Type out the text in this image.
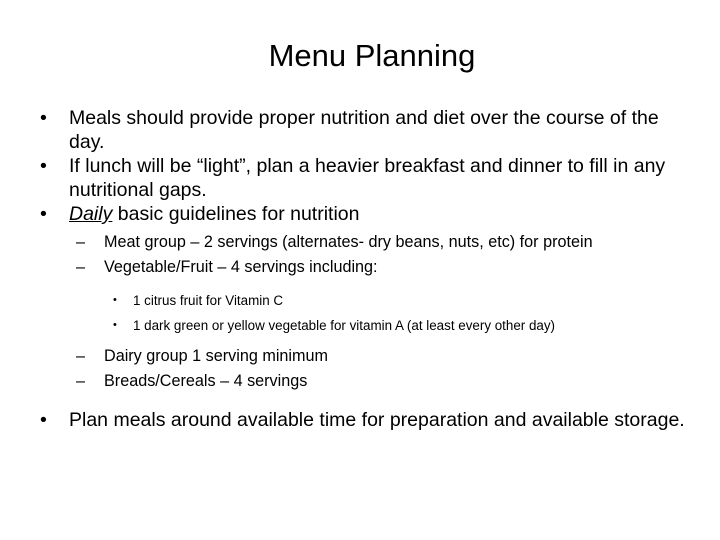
Menu Planning
• Meals should provide proper nutrition and diet over the course of the day.
• If lunch will be “light”, plan a heavier breakfast and dinner to fill in any nutritional gaps.
• Daily basic guidelines for nutrition
– Meat group – 2 servings (alternates- dry beans, nuts, etc) for protein
– Vegetable/Fruit – 4 servings including:
• 1 citrus fruit for Vitamin C
• 1 dark green or yellow vegetable for vitamin A (at least every other day)
– Dairy group 1 serving minimum
– Breads/Cereals – 4 servings
• Plan meals around available time for preparation and available storage.
